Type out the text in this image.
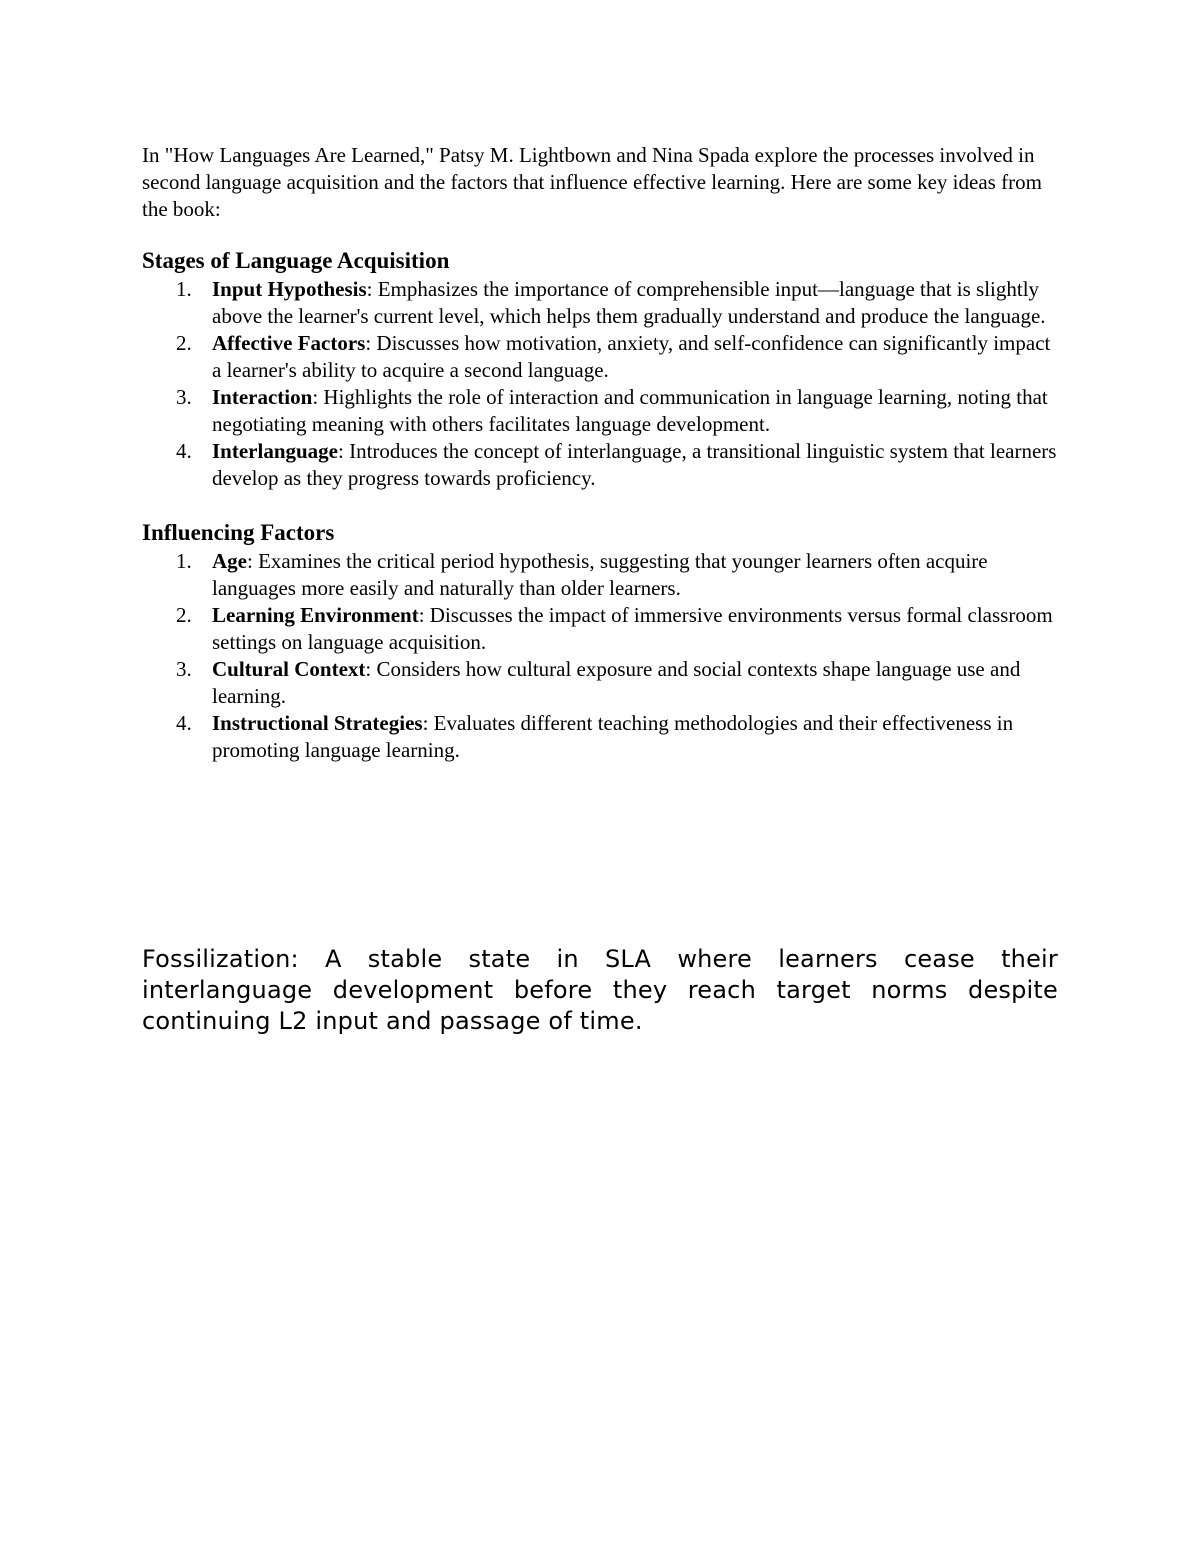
In "How Languages Are Learned," Patsy M. Lightbown and Nina Spada explore the processes involved in second language acquisition and the factors that influence effective learning. Here are some key ideas from the book:

Stages of Language Acquisition
1. Input Hypothesis: Emphasizes the importance of comprehensible input—language that is slightly above the learner's current level, which helps them gradually understand and produce the language.
2. Affective Factors: Discusses how motivation, anxiety, and self-confidence can significantly impact a learner's ability to acquire a second language.
3. Interaction: Highlights the role of interaction and communication in language learning, noting that negotiating meaning with others facilitates language development.
4. Interlanguage: Introduces the concept of interlanguage, a transitional linguistic system that learners develop as they progress towards proficiency.
Influencing Factors
1. Age: Examines the critical period hypothesis, suggesting that younger learners often acquire languages more easily and naturally than older learners.
2. Learning Environment: Discusses the impact of immersive environments versus formal classroom settings on language acquisition.
3. Cultural Context: Considers how cultural exposure and social contexts shape language use and learning.
4. Instructional Strategies: Evaluates different teaching methodologies and their effectiveness in promoting language learning.

Fossilization: A stable state in SLA where learners cease their interlanguage development before they reach target norms despite continuing L2 input and passage of time.
